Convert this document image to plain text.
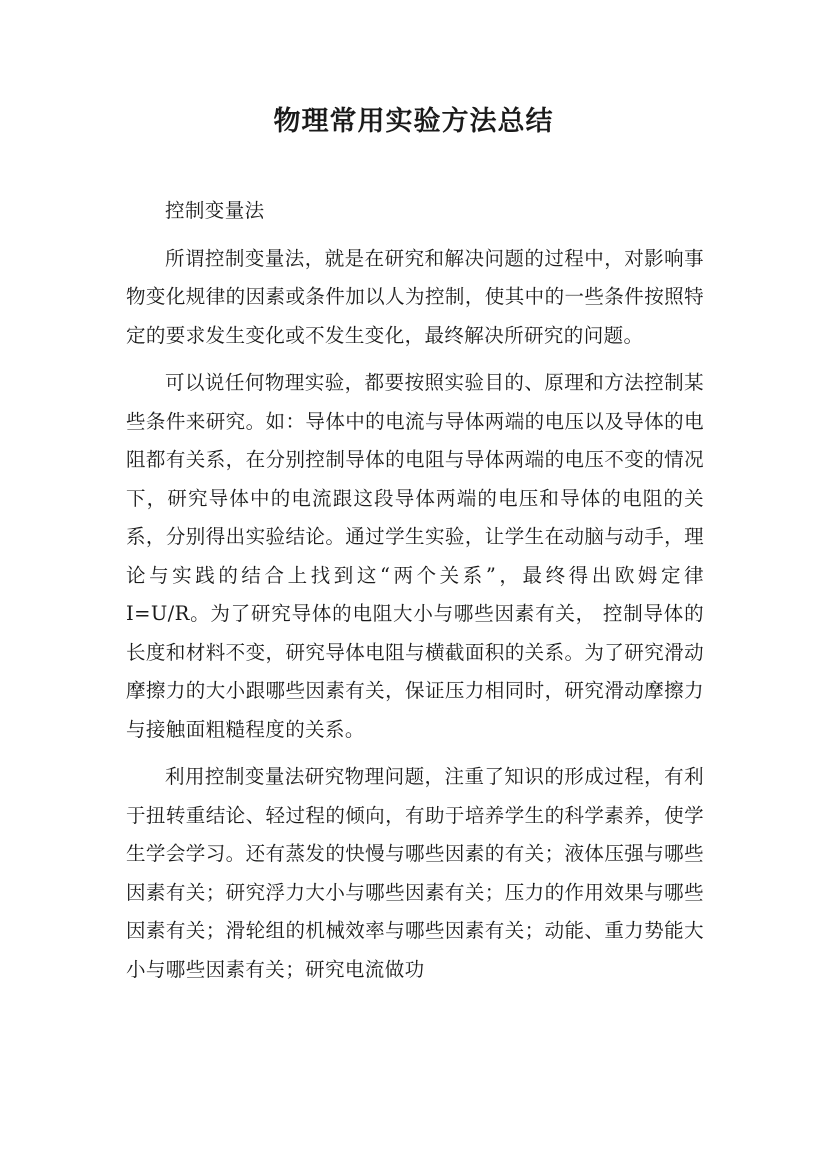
物理常用实验方法总结

控制变量法

所谓控制变量法，就是在研究和解决问题的过程中，对影响事物变化规律的因素或条件加以人为控制，使其中的一些条件按照特定的要求发生变化或不发生变化，最终解决所研究的问题。

可以说任何物理实验，都要按照实验目的、原理和方法控制某些条件来研究。如：导体中的电流与导体两端的电压以及导体的电阻都有关系，在分别控制导体的电阻与导体两端的电压不变的情况下，研究导体中的电流跟这段导体两端的电压和导体的电阻的关系，分别得出实验结论。通过学生实验，让学生在动脑与动手，理论与实践的结合上找到这“两个关系”，最终得出欧姆定律I=U/R。为了研究导体的电阻大小与哪些因素有关， 控制导体的长度和材料不变，研究导体电阻与横截面积的关系。为了研究滑动摩擦力的大小跟哪些因素有关，保证压力相同时，研究滑动摩擦力与接触面粗糙程度的关系。

利用控制变量法研究物理问题，注重了知识的形成过程，有利于扭转重结论、轻过程的倾向，有助于培养学生的科学素养，使学生学会学习。还有蒸发的快慢与哪些因素的有关；液体压强与哪些因素有关；研究浮力大小与哪些因素有关；压力的作用效果与哪些因素有关；滑轮组的机械效率与哪些因素有关；动能、重力势能大小与哪些因素有关；研究电流做功
